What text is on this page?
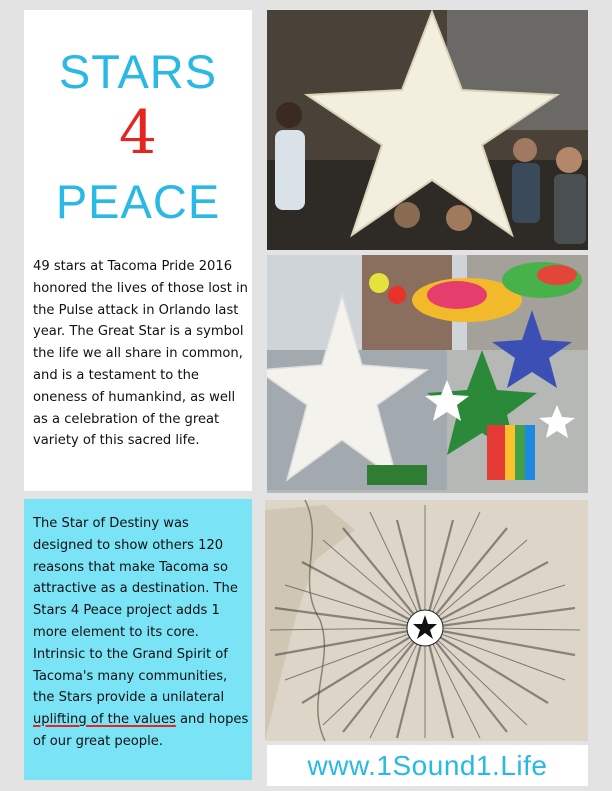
STARS
4
PEACE

49 stars at Tacoma Pride 2016 honored the lives of those lost in the Pulse attack in Orlando last year. The Great Star is a symbol the life we all share in common, and is a testament to the oneness of humankind, as well as a celebration of the great variety of this sacred life.

The Star of Destiny was designed to show others 120 reasons that make Tacoma so attractive as a destination. The Stars 4 Peace project adds 1 more element to its core. Intrinsic to the Grand Spirit of Tacoma's many communities, the Stars provide a unilateral uplifting of the values and hopes of our great people.

www.1Sound1.Life
